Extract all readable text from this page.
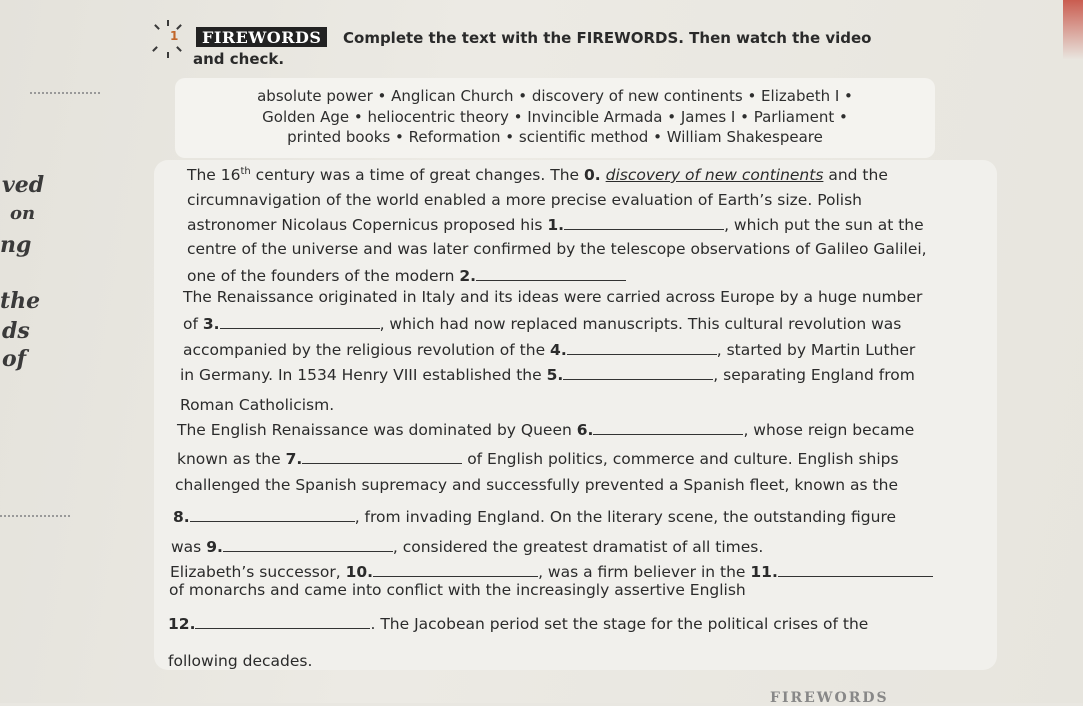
ved
on
ng
the
ds
of
1	FIREWORDS	Complete the text with the FIREWORDS. Then watch the video
and check.
absolute power • Anglican Church • discovery of new continents • Elizabeth I •
Golden Age • heliocentric theory • Invincible Armada • James I • Parliament •
printed books • Reformation • scientific method • William Shakespeare
The 16th century was a time of great changes. The 0. discovery of new continents and the
circumnavigation of the world enabled a more precise evaluation of Earth’s size. Polish
astronomer Nicolaus Copernicus proposed his 1.	, which put the sun at the
centre of the universe and was later confirmed by the telescope observations of Galileo Galilei,
one of the founders of the modern 2.
The Renaissance originated in Italy and its ideas were carried across Europe by a huge number
of 3.	, which had now replaced manuscripts. This cultural revolution was
accompanied by the religious revolution of the 4.	, started by Martin Luther
in Germany. In 1534 Henry VIII established the 5.	, separating England from
Roman Catholicism.
The English Renaissance was dominated by Queen 6.	, whose reign became
known as the 7.	of English politics, commerce and culture. English ships
challenged the Spanish supremacy and successfully prevented a Spanish fleet, known as the
8.	, from invading England. On the literary scene, the outstanding figure
was 9.	, considered the greatest dramatist of all times.
Elizabeth’s successor, 10.	, was a firm believer in the 11.
of monarchs and came into conflict with the increasingly assertive English
12.	. The Jacobean period set the stage for the political crises of the
following decades.
FIREWORDS
